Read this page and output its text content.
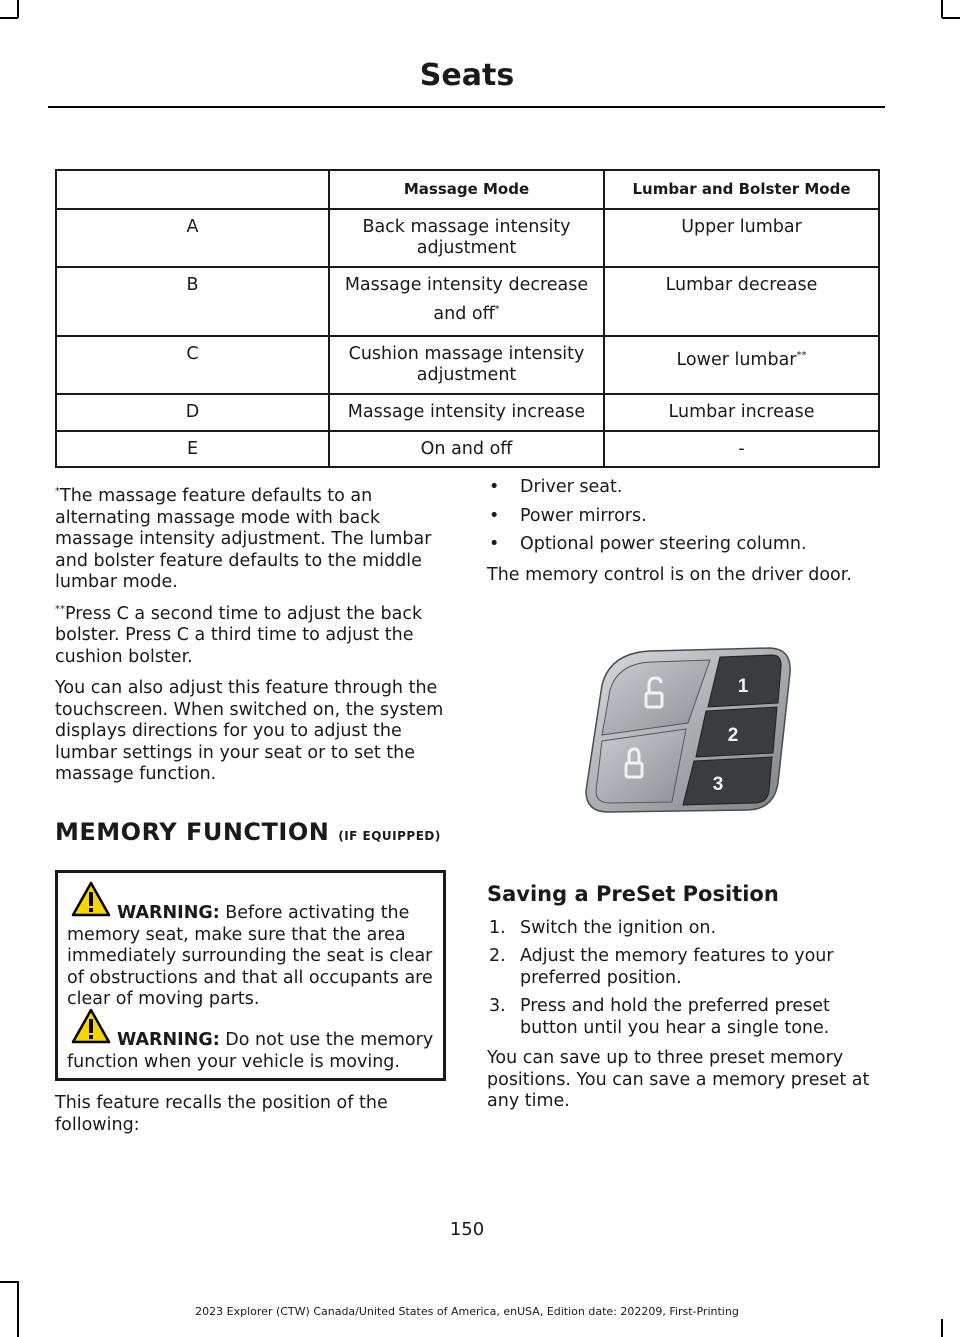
Seats
	Massage Mode	Lumbar and Bolster Mode
A	Back massage intensity adjustment	Upper lumbar
B	Massage intensity decrease and off*	Lumbar decrease
C	Cushion massage intensity adjustment	Lower lumbar**
D	Massage intensity increase	Lumbar increase
E	On and off	-

*The massage feature defaults to an alternating massage mode with back massage intensity adjustment. The lumbar and bolster feature defaults to the middle lumbar mode.

**Press C a second time to adjust the back bolster. Press C a third time to adjust the cushion bolster.

You can also adjust this feature through the touchscreen. When switched on, the system displays directions for you to adjust the lumbar settings in your seat or to set the massage function.

MEMORY FUNCTION (IF EQUIPPED)
WARNING: Before activating the memory seat, make sure that the area immediately surrounding the seat is clear of obstructions and that all occupants are clear of moving parts.
WARNING: Do not use the memory function when your vehicle is moving.

This feature recalls the position of the following:

• Driver seat.
• Power mirrors.
• Optional power steering column.

The memory control is on the driver door.

1
2
3
Saving a PreSet Position
1. Switch the ignition on.
2. Adjust the memory features to your preferred position.
3. Press and hold the preferred preset button until you hear a single tone.

You can save up to three preset memory positions. You can save a memory preset at any time.

150
2023 Explorer (CTW) Canada/United States of America, enUSA, Edition date: 202209, First-Printing
